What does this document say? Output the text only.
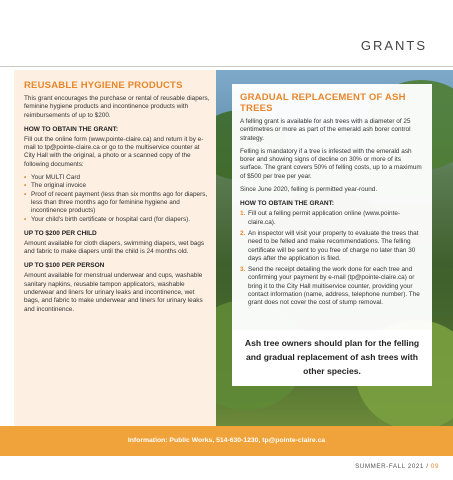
GRANTS
REUSABLE HYGIENE PRODUCTS

This grant encourages the purchase or rental of reusable diapers, feminine hygiene products and incontinence products with reimbursements of up to $200.

HOW TO OBTAIN THE GRANT:

Fill out the online form (www.pointe-claire.ca) and return it by e-mail to tp@pointe-claire.ca or go to the multiservice counter at City Hall with the original, a photo or a scanned copy of the following documents:

• Your MULTI Card
• The original invoice
• Proof of recent payment (less than six months ago for diapers, less than three months ago for feminine hygiene and incontinence products)
• Your child's birth certificate or hospital card (for diapers).
UP TO $200 PER CHILD

Amount available for cloth diapers, swimming diapers, wet bags and fabric to make diapers until the child is 24 months old.

UP TO $100 PER PERSON

Amount available for menstrual underwear and cups, washable sanitary napkins, reusable tampon applicators, washable underwear and liners for urinary leaks and incontinence, wet bags, and fabric to make underwear and liners for urinary leaks and incontinence.

GRADUAL REPLACEMENT OF ASH TREES

A felling grant is available for ash trees with a diameter of 25 centimetres or more as part of the emerald ash borer control strategy.

Felling is mandatory if a tree is infested with the emerald ash borer and showing signs of decline on 30% or more of its surface. The grant covers 50% of felling costs, up to a maximum of $500 per tree per year.

Since June 2020, felling is permitted year-round.

HOW TO OBTAIN THE GRANT:
1. Fill out a felling permit application online (www.pointe-claire.ca).
2. An inspector will visit your property to evaluate the trees that need to be felled and make recommendations. The felling certificate will be sent to you free of charge no later than 30 days after the application is filed.
3. Send the receipt detailing the work done for each tree and confirming your payment by e-mail (tp@pointe-claire.ca) or bring it to the City Hall multiservice counter, providing your contact information (name, address, telephone number). The grant does not cover the cost of stump removal.
Ash tree owners should plan for the felling and gradual replacement of ash trees with other species.
Information: Public Works, 514-630-1230, tp@pointe-claire.ca
SUMMER-FALL 2021 / 09
